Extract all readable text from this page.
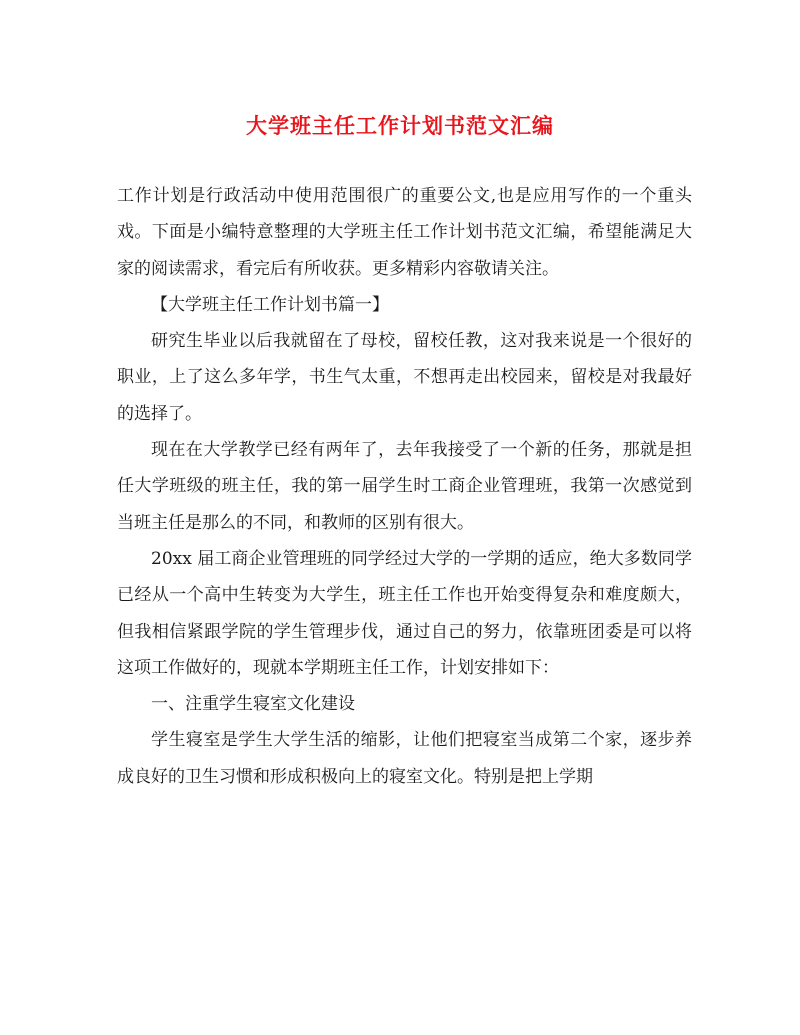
大学班主任工作计划书范文汇编

工作计划是行政活动中使用范围很广的重要公文,也是应用写作的一个重头戏。下面是小编特意整理的大学班主任工作计划书范文汇编，希望能满足大家的阅读需求，看完后有所收获。更多精彩内容敬请关注。

【大学班主任工作计划书篇一】

研究生毕业以后我就留在了母校，留校任教，这对我来说是一个很好的职业，上了这么多年学，书生气太重，不想再走出校园来，留校是对我最好的选择了。

现在在大学教学已经有两年了，去年我接受了一个新的任务，那就是担任大学班级的班主任，我的第一届学生时工商企业管理班，我第一次感觉到当班主任是那么的不同，和教师的区别有很大。

20xx 届工商企业管理班的同学经过大学的一学期的适应，绝大多数同学已经从一个高中生转变为大学生，班主任工作也开始变得复杂和难度颇大，但我相信紧跟学院的学生管理步伐，通过自己的努力，依靠班团委是可以将这项工作做好的，现就本学期班主任工作，计划安排如下：

一、注重学生寝室文化建设

学生寝室是学生大学生活的缩影，让他们把寝室当成第二个家，逐步养成良好的卫生习惯和形成积极向上的寝室文化。特别是把上学期
